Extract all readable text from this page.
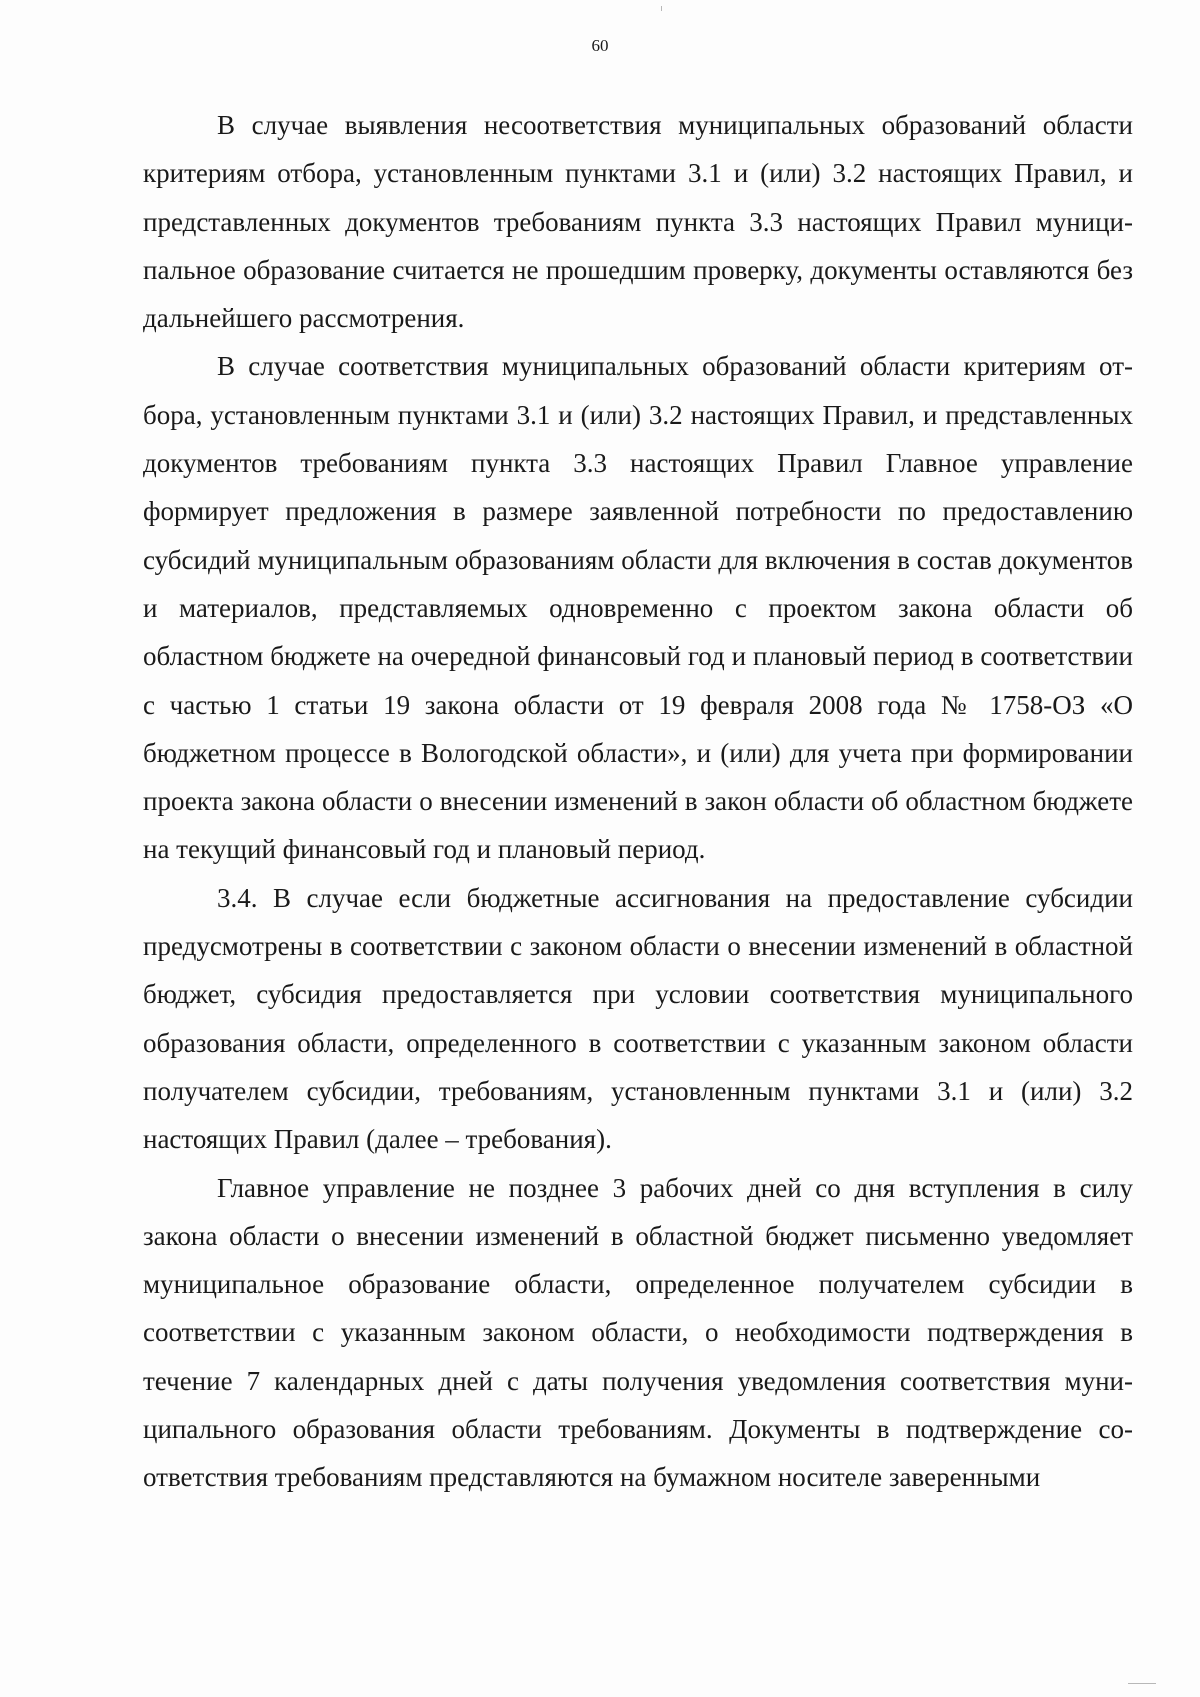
60

В случае выявления несоответствия муниципальных образований области критериям отбора, установленным пунктами 3.1 и (или) 3.2 настоящих Правил, и представленных документов требованиям пункта 3.3 настоящих Правил муниципальное образование считается не прошедшим проверку, документы оставляются без дальнейшего рассмотрения.

В случае соответствия муниципальных образований области критериям отбора, установленным пунктами 3.1 и (или) 3.2 настоящих Правил, и представленных документов требованиям пункта 3.3 настоящих Правил Главное управление формирует предложения в размере заявленной потребности по предоставлению субсидий муниципальным образованиям области для включения в состав документов и материалов, представляемых одновременно с проектом закона области об областном бюджете на очередной финансовый год и плановый период в соответствии с частью 1 статьи 19 закона области от 19 февраля 2008 года № 1758-ОЗ «О бюджетном процессе в Вологодской области», и (или) для учета при формировании проекта закона области о внесении изменений в закон области об областном бюджете на текущий финансовый год и плановый период.

3.4. В случае если бюджетные ассигнования на предоставление субсидии предусмотрены в соответствии с законом области о внесении изменений в областной бюджет, субсидия предоставляется при условии соответствия муниципального образования области, определенного в соответствии с указанным законом области получателем субсидии, требованиям, установленным пунктами 3.1 и (или) 3.2 настоящих Правил (далее – требования).

Главное управление не позднее 3 рабочих дней со дня вступления в силу закона области о внесении изменений в областной бюджет письменно уведомляет муниципальное образование области, определенное получателем субсидии в соответствии с указанным законом области, о необходимости подтверждения в течение 7 календарных дней с даты получения уведомления соответствия муниципального образования области требованиям. Документы в подтверждение соответствия требованиям представляются на бумажном носителе заверенными
